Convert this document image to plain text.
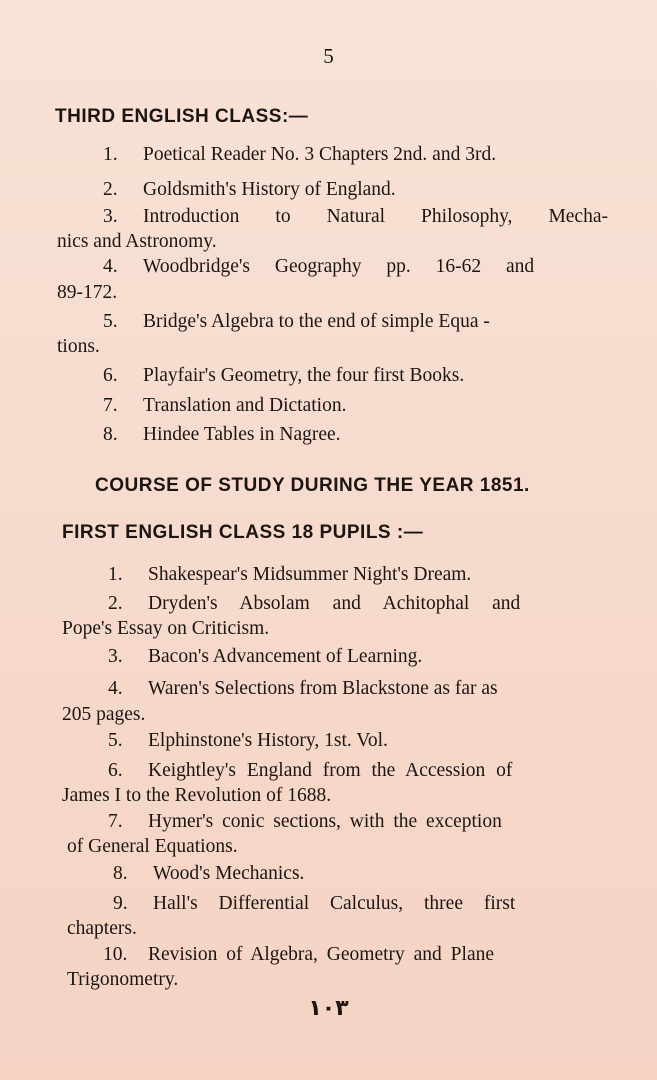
5
THIRD ENGLISH CLASS:—
1. Poetical Reader No. 3 Chapters 2nd. and 3rd.
2. Goldsmith's History of England.
3. Introduction to Natural Philosophy, Mecha-
nics and Astronomy.
4. Woodbridge's Geography pp. 16-62 and
89-172.
5. Bridge's Algebra to the end of simple Equa -
tions.
6. Playfair's Geometry, the four first Books.
7. Translation and Dictation.
8. Hindee Tables in Nagree.
COURSE OF STUDY DURING THE YEAR 1851.
FIRST ENGLISH CLASS 18 PUPILS :—
1. Shakespear's Midsummer Night's Dream.
2. Dryden's Absolam and Achitophal and
Pope's Essay on Criticism.
3. Bacon's Advancement of Learning.
4. Waren's Selections from Blackstone as far as
205 pages.
5. Elphinstone's History, 1st. Vol.
6. Keightley's England from the Accession of
James I to the Revolution of 1688.
7. Hymer's conic sections, with the exception
of General Equations.
8. Wood's Mechanics.
9. Hall's Differential Calculus, three first
chapters.
10. Revision of Algebra, Geometry and Plane
Trigonometry.
۱۰۳
